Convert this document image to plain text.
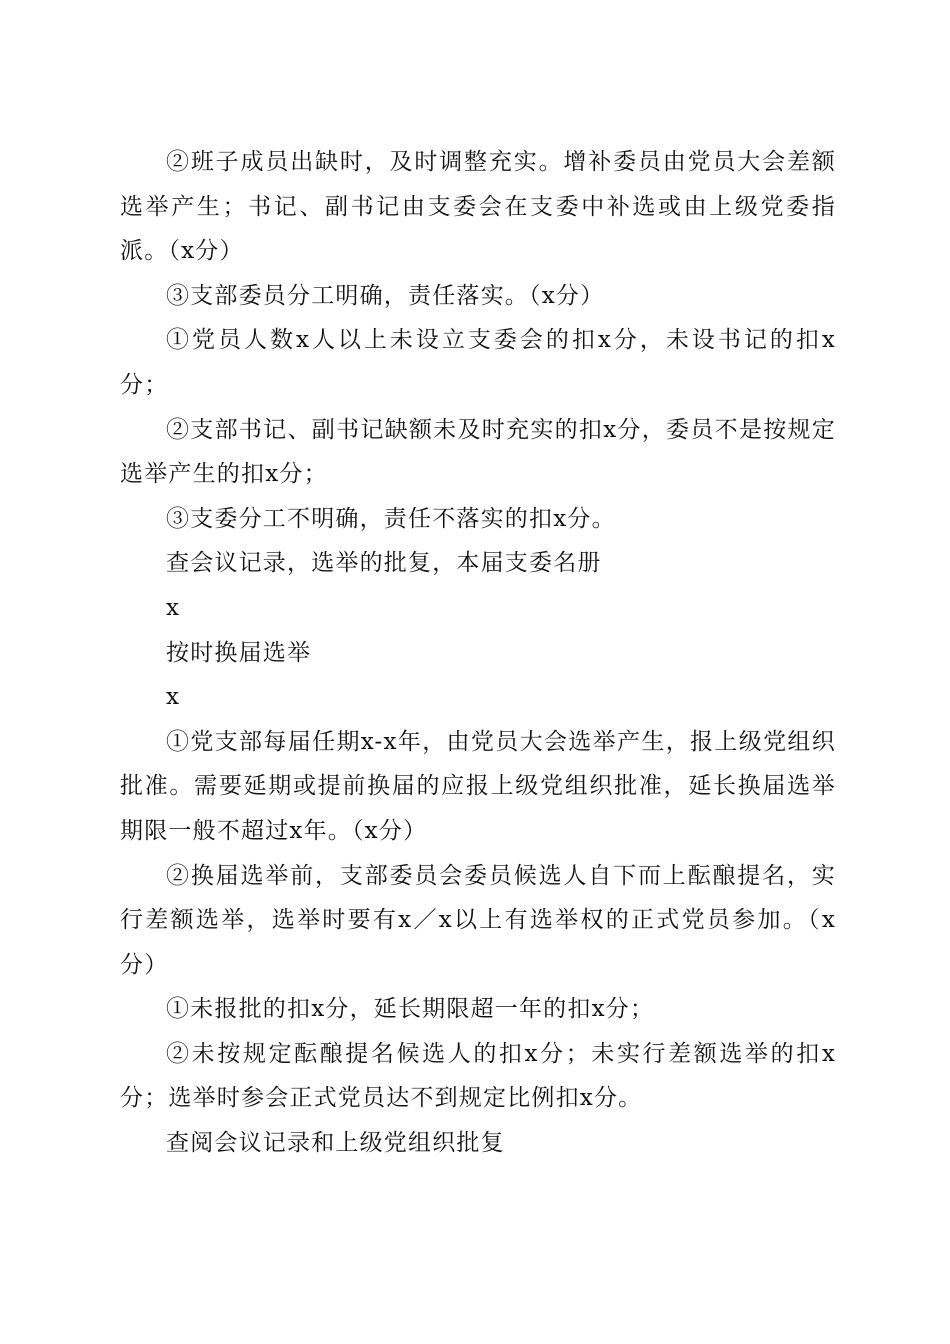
②班子成员出缺时，及时调整充实。增补委员由党员大会差额选举产生；书记、副书记由支委会在支委中补选或由上级党委指派。（x分）

③支部委员分工明确，责任落实。（x分）

①党员人数x人以上未设立支委会的扣x分，未设书记的扣x分；

②支部书记、副书记缺额未及时充实的扣x分，委员不是按规定选举产生的扣x分；

③支委分工不明确，责任不落实的扣x分。

查会议记录，选举的批复，本届支委名册

x

按时换届选举

x

①党支部每届任期x-x年，由党员大会选举产生，报上级党组织批准。需要延期或提前换届的应报上级党组织批准，延长换届选举期限一般不超过x年。（x分）

②换届选举前，支部委员会委员候选人自下而上酝酿提名，实行差额选举，选举时要有x／x以上有选举权的正式党员参加。（x分）

①未报批的扣x分，延长期限超一年的扣x分；

②未按规定酝酿提名候选人的扣x分；未实行差额选举的扣x分；选举时参会正式党员达不到规定比例扣x分。

查阅会议记录和上级党组织批复
